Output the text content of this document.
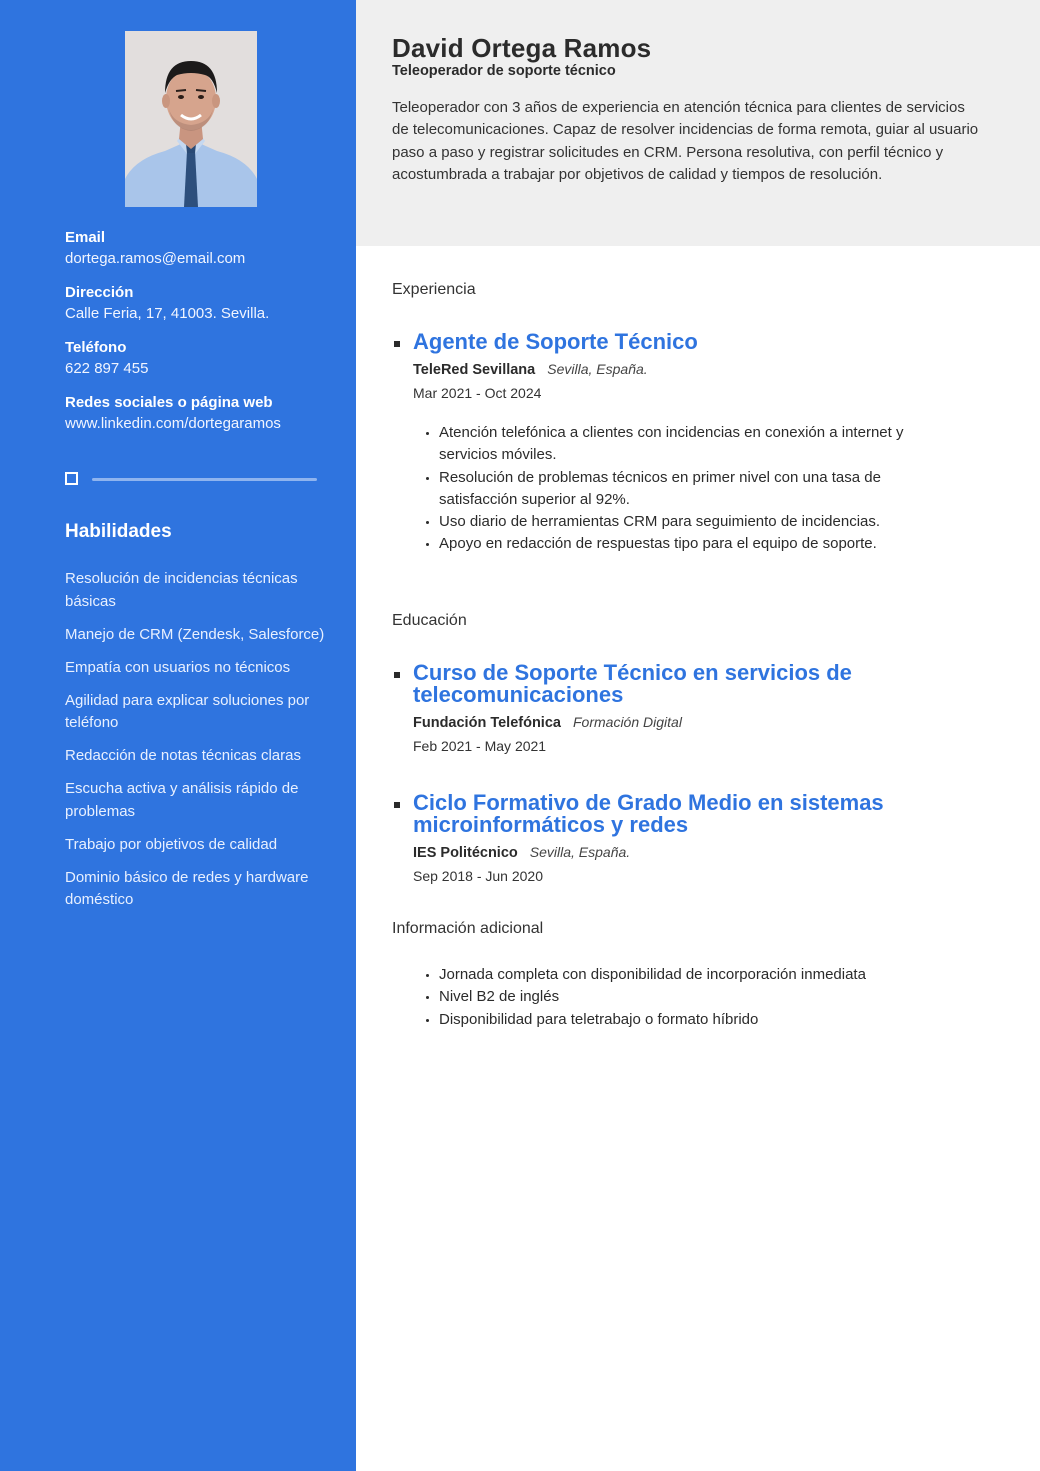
Email
dortega.ramos@email.com
Dirección
Calle Feria, 17, 41003. Sevilla.
Teléfono
622 897 455
Redes sociales o página web
www.linkedin.com/dortegaramos
Habilidades
Resolución de incidencias técnicas básicas
Manejo de CRM (Zendesk, Salesforce)
Empatía con usuarios no técnicos
Agilidad para explicar soluciones por teléfono
Redacción de notas técnicas claras
Escucha activa y análisis rápido de problemas
Trabajo por objetivos de calidad
Dominio básico de redes y hardware doméstico
David Ortega Ramos
Teleoperador de soporte técnico
Teleoperador con 3 años de experiencia en atención técnica para clientes de servicios de telecomunicaciones. Capaz de resolver incidencias de forma remota, guiar al usuario paso a paso y registrar solicitudes en CRM. Persona resolutiva, con perfil técnico y acostumbrada a trabajar por objetivos de calidad y tiempos de resolución.
Experiencia
Agente de Soporte Técnico
TeleRed Sevillana Sevilla, España.
Mar 2021 - Oct 2024
Atención telefónica a clientes con incidencias en conexión a internet y servicios móviles.
Resolución de problemas técnicos en primer nivel con una tasa de satisfacción superior al 92%.
Uso diario de herramientas CRM para seguimiento de incidencias.
Apoyo en redacción de respuestas tipo para el equipo de soporte.
Educación
Curso de Soporte Técnico en servicios de telecomunicaciones
Fundación Telefónica Formación Digital
Feb 2021 - May 2021
Ciclo Formativo de Grado Medio en sistemas microinformáticos y redes
IES Politécnico Sevilla, España.
Sep 2018 - Jun 2020
Información adicional
Jornada completa con disponibilidad de incorporación inmediata
Nivel B2 de inglés
Disponibilidad para teletrabajo o formato híbrido
